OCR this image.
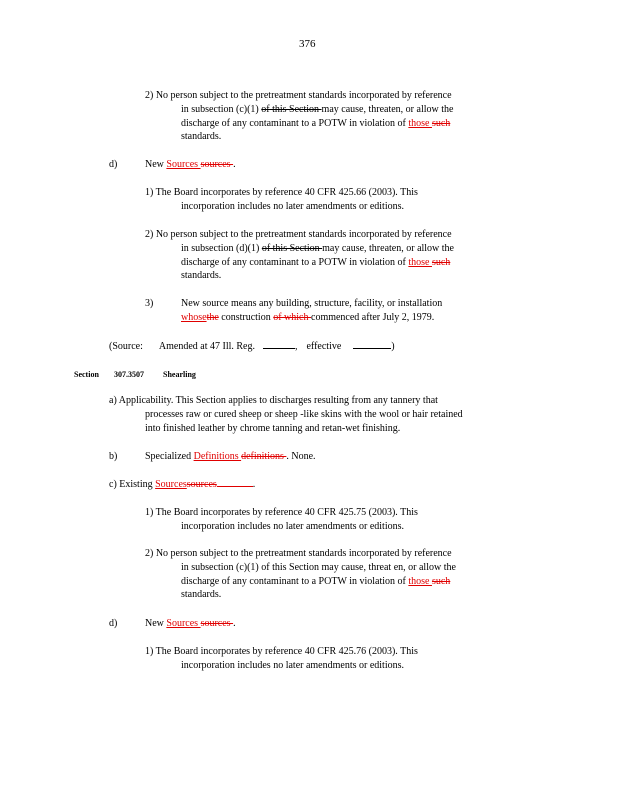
376
2) No person subject to the pretreatment standards incorporated by reference
in subsection (c)(1) of this Section may cause, threaten, or allow the
discharge of any contaminant to a POTW in violation of those such
standards.
d)	New Sources sources .
1) The Board incorporates by reference 40 CFR 425.66 (2003). This
incorporation includes no later amendments or editions.
2) No person subject to the pretreatment standards incorporated by reference
in subsection (d)(1) of this Section may cause, threaten, or allow the
discharge of any contaminant to a POTW in violation of those such
standards.
3)	New source means any building, structure, facility, or installation
whosethe construction of which commenced after July 2, 1979.
(Source: Amended at 47 Ill. Reg.	, effective	)
Section 307.3507 Shearling
a) Applicability. This Section applies to discharges resulting from any tannery that
processes raw or cured sheep or sheep -like skins with the wool or hair retained
into finished leather by chrome tanning and retan-wet finishing.
b)	Specialized Definitions definitions . None.
c) Existing Sourcessources	.
1) The Board incorporates by reference 40 CFR 425.75 (2003). This
incorporation includes no later amendments or editions.
2) No person subject to the pretreatment standards incorporated by reference
in subsection (c)(1) of this Section may cause, threat en, or allow the
discharge of any contaminant to a POTW in violation of those such
standards.
d)	New Sources sources .
1) The Board incorporates by reference 40 CFR 425.76 (2003). This
incorporation includes no later amendments or editions.
